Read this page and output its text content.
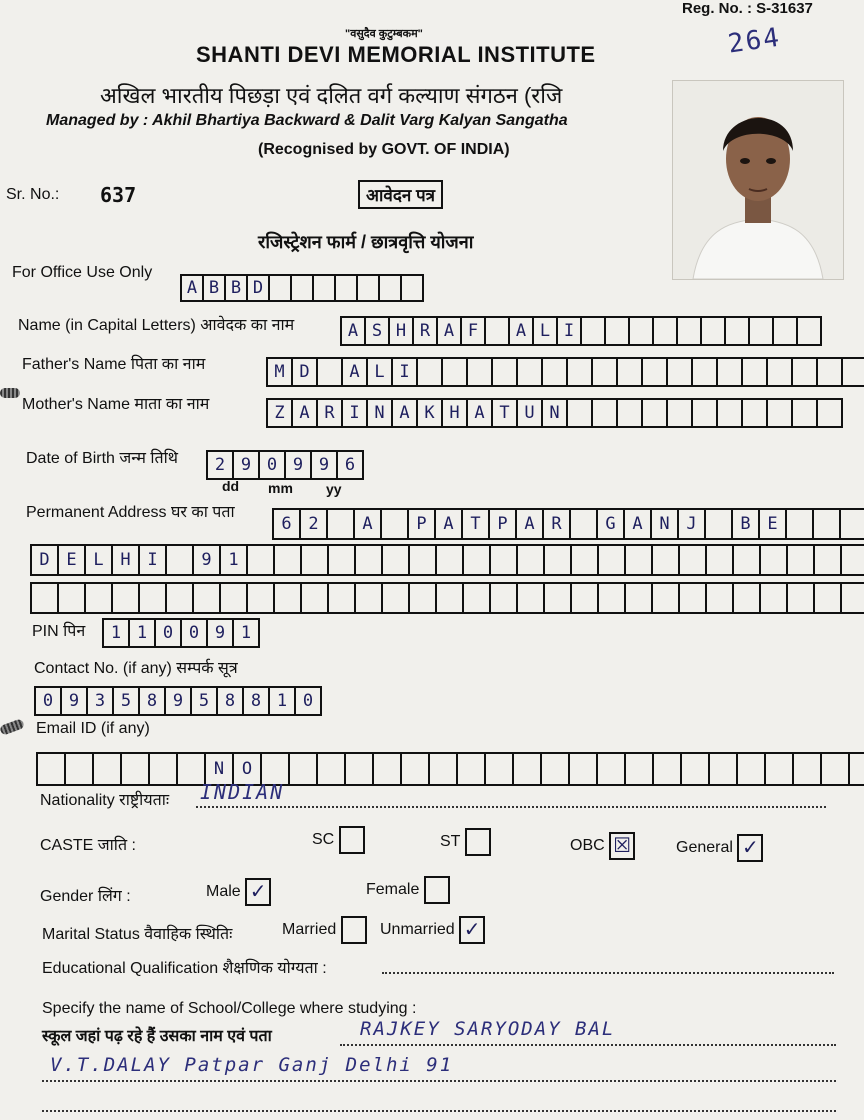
Reg. No. : S-31637
264
"वसुदैव कुटुम्बकम"
SHANTI DEVI MEMORIAL INSTITUTE
अखिल भारतीय पिछड़ा एवं दलित वर्ग कल्याण संगठन (रजि
Managed by : Akhil Bhartiya Backward & Dalit Varg Kalyan Sangatha
(Recognised by GOVT. OF INDIA)
Sr. No.: 637	आवेदन पत्र
रजिस्ट्रेशन फार्म / छात्रवृत्ति योजना
For Office Use Only
A B B D
Name (in Capital Letters) आवेदक का नाम	A S H R A F	A L I
Father's Name पिता का नाम	M D	A L I
Mother's Name माता का नाम	Z A R I N A K H A T U N
Date of Birth जन्म तिथि	2 9 0 9 9 6
dd mm yy
Permanent Address घर का पता
6 2	A	P A T P A R	G A N J	B E
D E L H I	9 1
PIN पिन	1 1 0 0 9 1
Contact No. (if any) सम्पर्क सूत्र
0 9 3 5 8 9 5 8 8 1 0
Email ID (if any)
N	O
Nationality राष्ट्रीयताः INDIAN
CASTE जाति :	SC	ST	OBC ☒	General ✓
Gender लिंग :	Male ✓	Female
Marital Status वैवाहिक स्थितिः	Married	Unmarried ✓
Educational Qualification शैक्षणिक योग्यता :
Specify the name of School/College where studying :
स्कूल जहां पढ़ रहे हैं उसका नाम एवं पता	RAJKEY SARYODAY BAL
V.T.DALAY Patpar Ganj Delhi 91
